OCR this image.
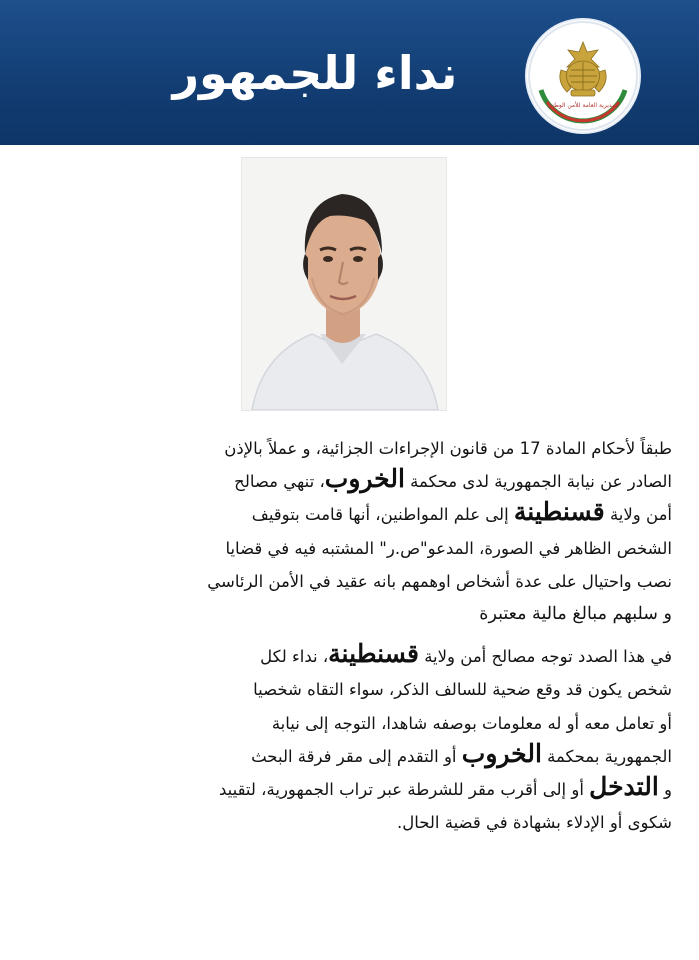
نداء للجمهور
المديرية العامة للأمن الوطني
طبقاً لأحكام المادة 17 من قانون الإجراءات الجزائية، و عملاً بالإذن
الصادر عن نيابة الجمهورية لدى محكمة الخروب، تنهي مصالح
أمن ولاية قسنطينة إلى علم المواطنين، أنها قامت بتوقيف
الشخص الظاهر في الصورة، المدعو"ص.ر" المشتبه فيه في قضايا
نصب واحتيال على عدة أشخاص اوهمهم بانه عقيد في الأمن الرئاسي
و سلبهم مبالغ مالية معتبرة
في هذا الصدد توجه مصالح أمن ولاية قسنطينة، نداء لكل
شخص يكون قد وقع ضحية للسالف الذكر، سواء التقاه شخصيا
أو تعامل معه أو له معلومات بوصفه شاهدا، التوجه إلى نيابة
الجمهورية بمحكمة الخروب أو التقدم إلى مقر فرقة البحث
و التدخل أو إلى أقرب مقر للشرطة عبر تراب الجمهورية، لتقييد
شكوى أو الإدلاء بشهادة في قضية الحال.
